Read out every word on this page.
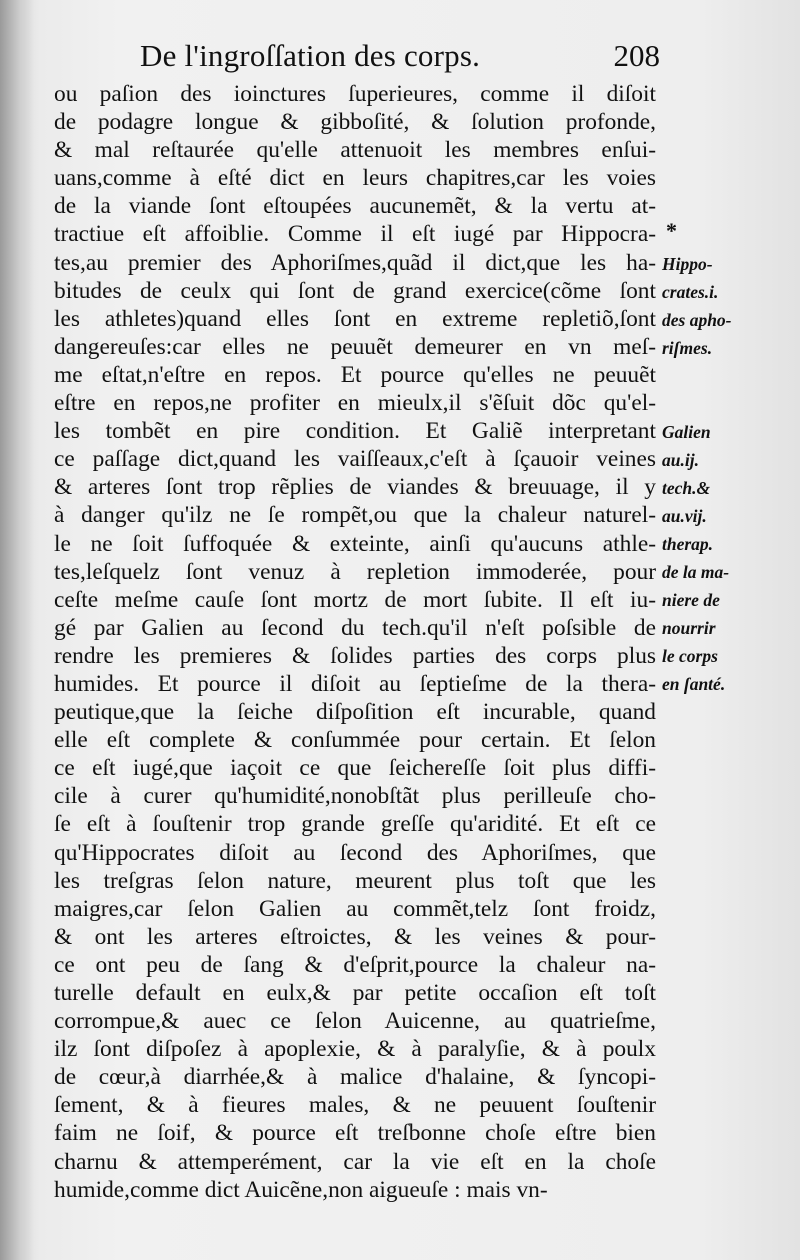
De l'ingroſſation des corps.	208
ou paſion des ioinctures ſuperieures, comme il diſoit
de podagre longue & gibboſité, & ſolution profonde,
& mal reſtaurée qu'elle attenuoit les membres enſui-
uans,comme à eſté dict en leurs chapitres,car les voies
de la viande ſont eſtoupées aucunemẽt, & la vertu at-
tractiue eſt affoiblie. Comme il eſt iugé par Hippocra-
tes,au premier des Aphoriſmes,quãd il dict,que les ha-
bitudes de ceulx qui ſont de grand exercice(cõme ſont
les athletes)quand elles ſont en extreme repletiõ,ſont
dangereuſes:car elles ne peuuẽt demeurer en vn meſ-
me eſtat,n'eſtre en repos. Et pource qu'elles ne peuuẽt
eſtre en repos,ne profiter en mieulx,il s'ẽſuit dõc qu'el-
les tombẽt en pire condition. Et Galiẽ interpretant
ce paſſage dict,quand les vaiſſeaux,c'eſt à ſçauoir veines
& arteres ſont trop rẽplies de viandes & breuuage, il y
à danger qu'ilz ne ſe rompẽt,ou que la chaleur naturel-
le ne ſoit ſuffoquée & exteinte, ainſi qu'aucuns athle-
tes,leſquelz ſont venuz à repletion immoderée, pour
ceſte meſme cauſe ſont mortz de mort ſubite. Il eſt iu-
gé par Galien au ſecond du tech.qu'il n'eſt poſsible de
rendre les premieres & ſolides parties des corps plus
humides. Et pource il diſoit au ſeptieſme de la thera-
peutique,que la ſeiche diſpoſition eſt incurable, quand
elle eſt complete & conſummée pour certain. Et ſelon
ce eſt iugé,que iaçoit ce que ſeichereſſe ſoit plus diffi-
cile à curer qu'humidité,nonobſtãt plus perilleuſe cho-
ſe eſt à ſouſtenir trop grande greſſe qu'aridité. Et eſt ce
qu'Hippocrates diſoit au ſecond des Aphoriſmes, que
les treſgras ſelon nature, meurent plus toſt que les
maigres,car ſelon Galien au commẽt,telz ſont froidz,
& ont les arteres eſtroictes, & les veines & pour-
ce ont peu de ſang & d'eſprit,pource la chaleur na-
turelle default en eulx,& par petite occaſion eſt toſt
corrompue,& auec ce ſelon Auicenne, au quatrieſme,
ilz ſont diſpoſez à apoplexie, & à paralyſie, & à poulx
de cœur,à diarrhée,& à malice d'halaine, & ſyncopi-
ſement, & à fieures males, & ne peuuent ſouſtenir
faim ne ſoif, & pource eſt treſbonne choſe eſtre bien
charnu & attemperément, car la vie eſt en la choſe
humide,comme dict Auicẽne,non aigueuſe : mais vn-
*
Hippo-
crates.i.
des apho-
riſmes.
Galien
au.ij.
tech.&
au.vij.
therap.
de la ma-
niere de
nourrir
le corps
en ſanté.
